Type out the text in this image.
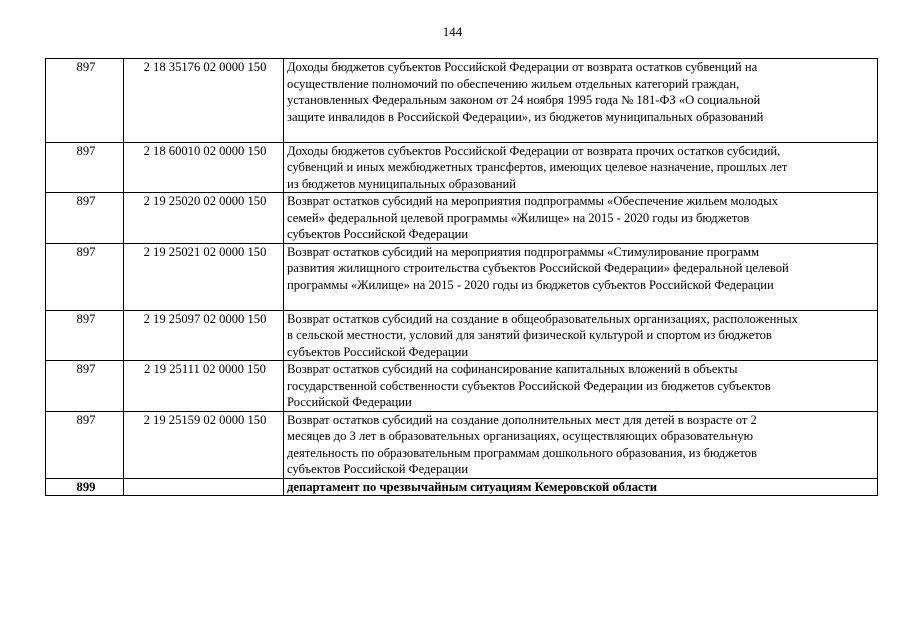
144
897	2 18 35176 02 0000 150	Доходы бюджетов субъектов Российской Федерации от возврата остатков субвенций на
осуществление полномочий по обеспечению жильем отдельных категорий граждан,
установленных Федеральным законом от 24 ноября 1995 года № 181-ФЗ «О социальной
защите инвалидов в Российской Федерации», из бюджетов муниципальных образований

897	2 18 60010 02 0000 150	Доходы бюджетов субъектов Российской Федерации от возврата прочих остатков субсидий,
субвенций и иных межбюджетных трансфертов, имеющих целевое назначение, прошлых лет
из бюджетов муниципальных образований

897	2 19 25020 02 0000 150	Возврат остатков субсидий на мероприятия подпрограммы «Обеспечение жильем молодых
семей» федеральной целевой программы «Жилище» на 2015 - 2020 годы из бюджетов
субъектов Российской Федерации

897	2 19 25021 02 0000 150	Возврат остатков субсидий на мероприятия подпрограммы «Стимулирование программ
развития жилищного строительства субъектов Российской Федерации» федеральной целевой
программы «Жилище» на 2015 - 2020 годы из бюджетов субъектов Российской Федерации

897	2 19 25097 02 0000 150	Возврат остатков субсидий на создание в общеобразовательных организациях, расположенных
в сельской местности, условий для занятий физической культурой и спортом из бюджетов
субъектов Российской Федерации

897	2 19 25111 02 0000 150	Возврат остатков субсидий на софинансирование капитальных вложений в объекты
государственной собственности субъектов Российской Федерации из бюджетов субъектов
Российской Федерации

897	2 19 25159 02 0000 150	Возврат остатков субсидий на создание дополнительных мест для детей в возрасте от 2
месяцев до 3 лет в образовательных организациях, осуществляющих образовательную
деятельность по образовательным программам дошкольного образования, из бюджетов
субъектов Российской Федерации

899		департамент по чрезвычайным ситуациям Кемеровской области
